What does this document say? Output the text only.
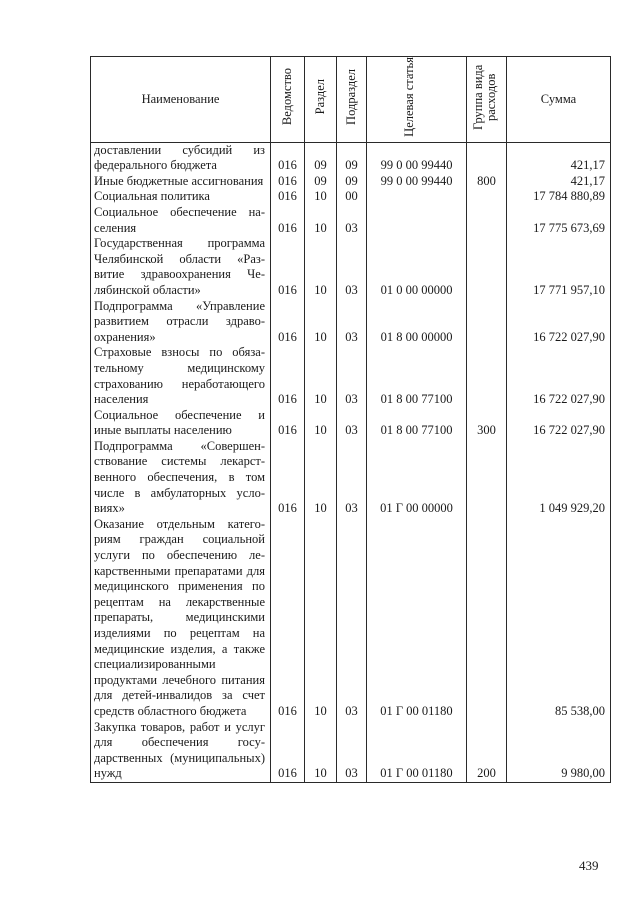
Наименование	Ведомство	Раздел	Подраздел	Целевая статья	Группа вида расходов	Сумма
доставлении субсидий из федерального бюджета	016	09	09	99 0 00 99440		421,17
Иные бюджетные ассигнования	016	09	09	99 0 00 99440	800	421,17
Социальная политика	016	10	00			17 784 880,89
Социальное обеспечение населения	016	10	03			17 775 673,69
Государственная программа Челябинской области «Развитие здравоохранения Челябинской области»	016	10	03	01 0 00 00000		17 771 957,10
Подпрограмма «Управление развитием отрасли здравоохранения»	016	10	03	01 8 00 00000		16 722 027,90
Страховые взносы по обязательному медицинскому страхованию неработающего населения	016	10	03	01 8 00 77100		16 722 027,90
Социальное обеспечение и иные выплаты населению	016	10	03	01 8 00 77100	300	16 722 027,90
Подпрограмма «Совершенствование системы лекарственного обеспечения, в том числе в амбулаторных условиях»	016	10	03	01 Г 00 00000		1 049 929,20
Оказание отдельным категориям граждан социальной услуги по обеспечению лекарственными препаратами для медицинского применения по рецептам на лекарственные препараты, медицинскими изделиями по рецептам на медицинские изделия, а также специализированными продуктами лечебного питания для детей-инвалидов за счет средств областного бюджета	016	10	03	01 Г 00 01180		85 538,00
Закупка товаров, работ и услуг для обеспечения государственных (муниципальных) нужд	016	10	03	01 Г 00 01180	200	9 980,00
439
